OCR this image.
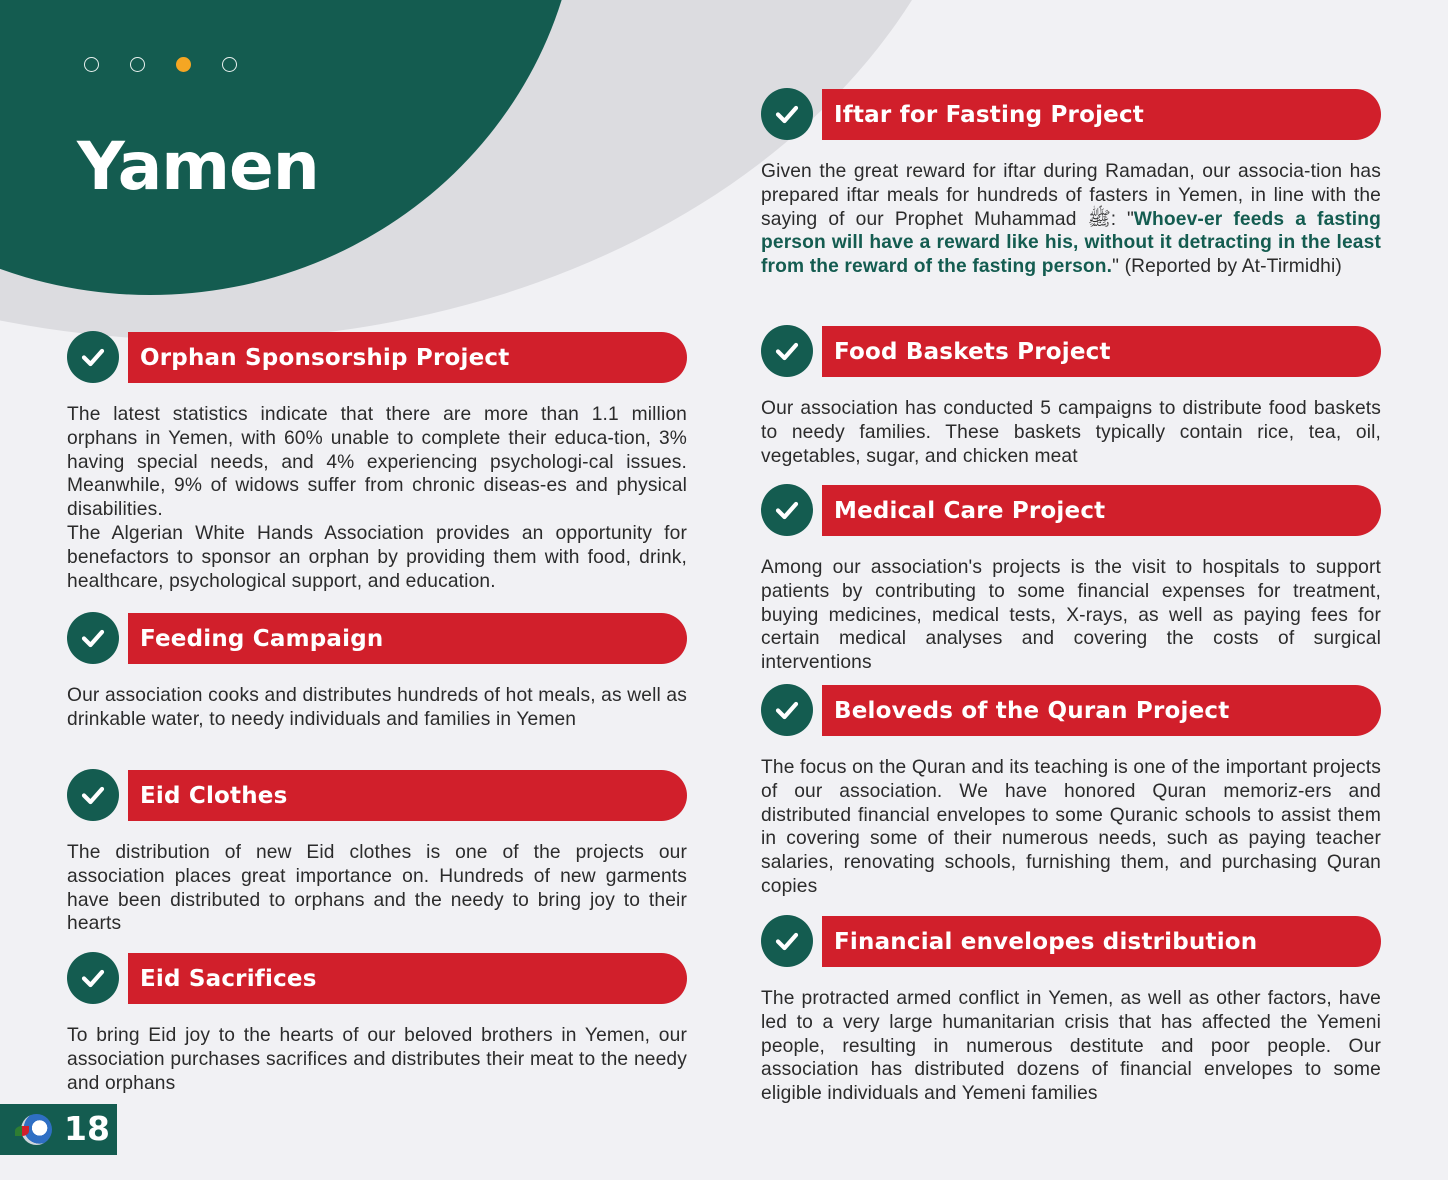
Yamen
Orphan Sponsorship Project
The latest statistics indicate that there are more than 1.1 million orphans in Yemen, with 60% unable to complete their educa-tion, 3% having special needs, and 4% experiencing psychologi-cal issues. Meanwhile, 9% of widows suffer from chronic diseas-es and physical disabilities.
The Algerian White Hands Association provides an opportunity for benefactors to sponsor an orphan by providing them with food, drink, healthcare, psychological support, and education.
Feeding Campaign
Our association cooks and distributes hundreds of hot meals, as well as drinkable water, to needy individuals and families in Yemen
Eid Clothes
The distribution of new Eid clothes is one of the projects our association places great importance on. Hundreds of new garments have been distributed to orphans and the needy to bring joy to their hearts
Eid Sacrifices
To bring Eid joy to the hearts of our beloved brothers in Yemen, our association purchases sacrifices and distributes their meat to the needy and orphans
Iftar for Fasting Project
Given the great reward for iftar during Ramadan, our associa-tion has prepared iftar meals for hundreds of fasters in Yemen, in line with the saying of our Prophet Muhammad ﷺ: "Whoev-er feeds a fasting person will have a reward like his, without it detracting in the least from the reward of the fasting person." (Reported by At-Tirmidhi)
Food Baskets Project
Our association has conducted 5 campaigns to distribute food baskets to needy families. These baskets typically contain rice, tea, oil, vegetables, sugar, and chicken meat
Medical Care Project
Among our association's projects is the visit to hospitals to support patients by contributing to some financial expenses for treatment, buying medicines, medical tests, X-rays, as well as paying fees for certain medical analyses and covering the costs of surgical interventions
Beloveds of the Quran Project
The focus on the Quran and its teaching is one of the important projects of our association. We have honored Quran memoriz-ers and distributed financial envelopes to some Quranic schools to assist them in covering some of their numerous needs, such as paying teacher salaries, renovating schools, furnishing them, and purchasing Quran copies
Financial envelopes distribution
The protracted armed conflict in Yemen, as well as other factors, have led to a very large humanitarian crisis that has affected the Yemeni people, resulting in numerous destitute and poor people. Our association has distributed dozens of financial envelopes to some eligible individuals and Yemeni families
18
